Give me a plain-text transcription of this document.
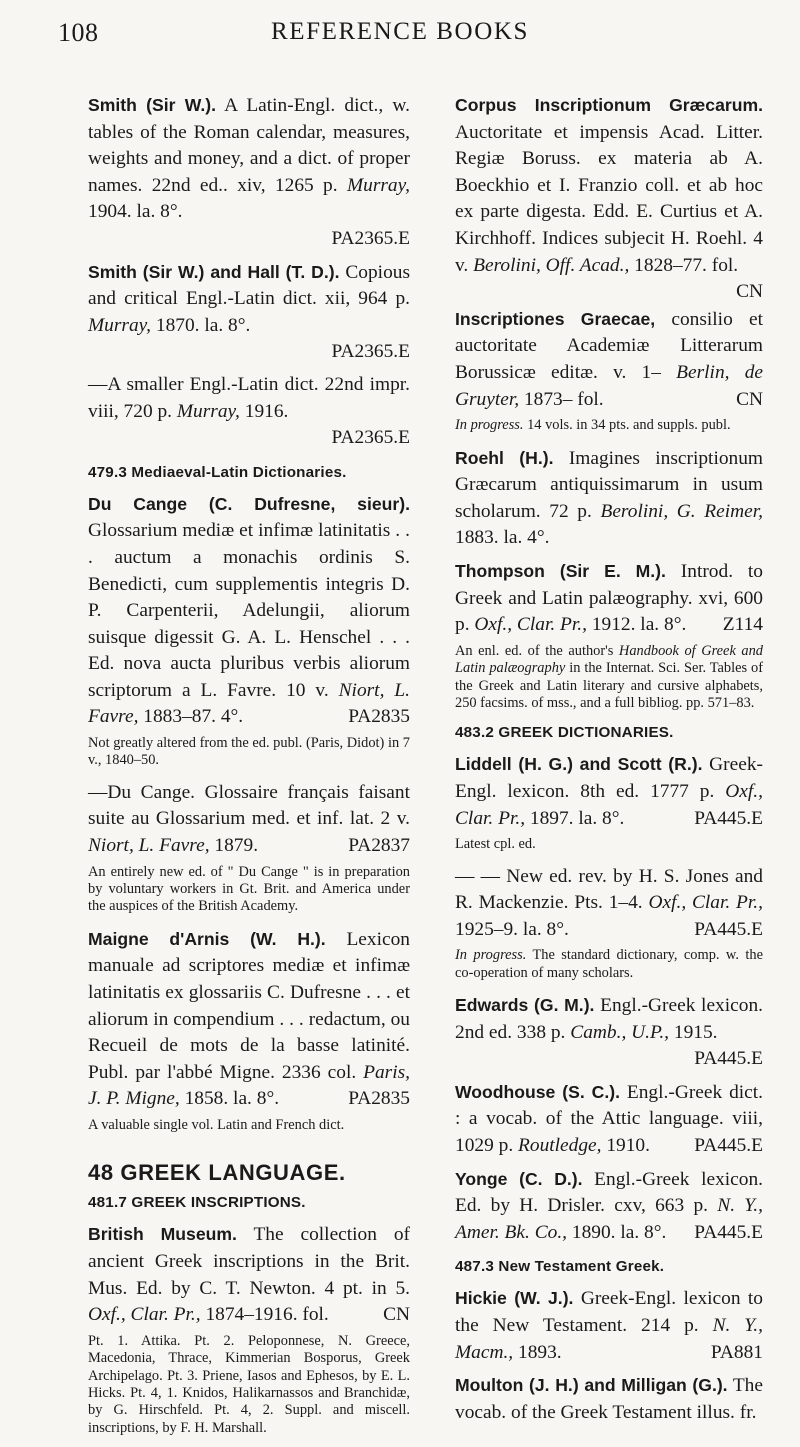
108	REFERENCE BOOKS

Smith (Sir W.). A Latin-Engl. dict., w. tables of the Roman calendar, measures, weights and money, and a dict. of proper names. 22nd ed.. xiv, 1265 p. Murray, 1904. la. 8°.
PA2365.E

Smith (Sir W.) and Hall (T. D.). Copious and critical Engl.-Latin dict. xii, 964 p. Murray, 1870. la. 8°.
PA2365.E

—A smaller Engl.-Latin dict. 22nd impr. viii, 720 p. Murray, 1916.
PA2365.E

479.3 Mediaeval-Latin Dictionaries.

Du Cange (C. Dufresne, sieur). Glossarium mediæ et infimæ latinitatis . . . auctum a monachis ordinis S. Benedicti, cum supplementis integris D. P. Carpenterii, Adelungii, aliorum suisque digessit G. A. L. Henschel . . . Ed. nova aucta pluribus verbis aliorum scriptorum a L. Favre. 10 v. Niort, L. Favre, 1883–87. 4°.	PA2835

Not greatly altered from the ed. publ. (Paris, Didot) in 7 v., 1840–50.

—Du Cange. Glossaire français faisant suite au Glossarium med. et inf. lat. 2 v. Niort, L. Favre, 1879.	PA2837

An entirely new ed. of " Du Cange " is in preparation by voluntary workers in Gt. Brit. and America under the auspices of the British Academy.

Maigne d'Arnis (W. H.). Lexicon manuale ad scriptores mediæ et infimæ latinitatis ex glossariis C. Dufresne . . . et aliorum in compendium . . . redactum, ou Recueil de mots de la basse latinité. Publ. par l'abbé Migne. 2336 col. Paris, J. P. Migne, 1858. la. 8°.	PA2835

A valuable single vol. Latin and French dict.

48 GREEK LANGUAGE.
481.7 GREEK INSCRIPTIONS.

British Museum. The collection of ancient Greek inscriptions in the Brit. Mus. Ed. by C. T. Newton. 4 pt. in 5. Oxf., Clar. Pr., 1874–1916. fol.	CN

Pt. 1. Attika. Pt. 2. Peloponnese, N. Greece, Macedonia, Thrace, Kimmerian Bosporus, Greek Archipelago. Pt. 3. Priene, Iasos and Ephesos, by E. L. Hicks. Pt. 4, 1. Knidos, Halikarnassos and Branchidæ, by G. Hirschfeld. Pt. 4, 2. Suppl. and miscell. inscriptions, by F. H. Marshall.

Corpus Inscriptionum Græcarum. Auctoritate et impensis Acad. Litter. Regiæ Boruss. ex materia ab A. Boeckhio et I. Franzio coll. et ab hoc ex parte digesta. Edd. E. Curtius et A. Kirchhoff. Indices subjecit H. Roehl. 4 v. Berolini, Off. Acad., 1828–77. fol.
CN

Inscriptiones Graecae, consilio et auctoritate Academiæ Litterarum Borussicæ editæ. v. 1– Berlin, de Gruyter, 1873– fol.	CN

In progress. 14 vols. in 34 pts. and suppls. publ.

Roehl (H.). Imagines inscriptionum Græcarum antiquissimarum in usum scholarum. 72 p. Berolini, G. Reimer, 1883. la. 4°.

Thompson (Sir E. M.). Introd. to Greek and Latin palæography. xvi, 600 p. Oxf., Clar. Pr., 1912. la. 8°. Z114

An enl. ed. of the author's Handbook of Greek and Latin palæography in the Internat. Sci. Ser. Tables of the Greek and Latin literary and cursive alphabets, 250 facsims. of mss., and a full bibliog. pp. 571–83.

483.2 GREEK DICTIONARIES.

Liddell (H. G.) and Scott (R.). Greek-Engl. lexicon. 8th ed. 1777 p. Oxf., Clar. Pr., 1897. la. 8°.	PA445.E

Latest cpl. ed.

— — New ed. rev. by H. S. Jones and R. Mackenzie. Pts. 1–4. Oxf., Clar. Pr., 1925–9. la. 8°.	PA445.E

In progress. The standard dictionary, comp. w. the co-operation of many scholars.

Edwards (G. M.). Engl.-Greek lexicon. 2nd ed. 338 p. Camb., U.P., 1915.
PA445.E

Woodhouse (S. C.). Engl.-Greek dict. : a vocab. of the Attic language. viii, 1029 p. Routledge, 1910. PA445.E

Yonge (C. D.). Engl.-Greek lexicon. Ed. by H. Drisler. cxv, 663 p. N. Y., Amer. Bk. Co., 1890. la. 8°. PA445.E

487.3 New Testament Greek.

Hickie (W. J.). Greek-Engl. lexicon to the New Testament. 214 p. N. Y., Macm., 1893.	PA881

Moulton (J. H.) and Milligan (G.). The vocab. of the Greek Testament illus. fr.
